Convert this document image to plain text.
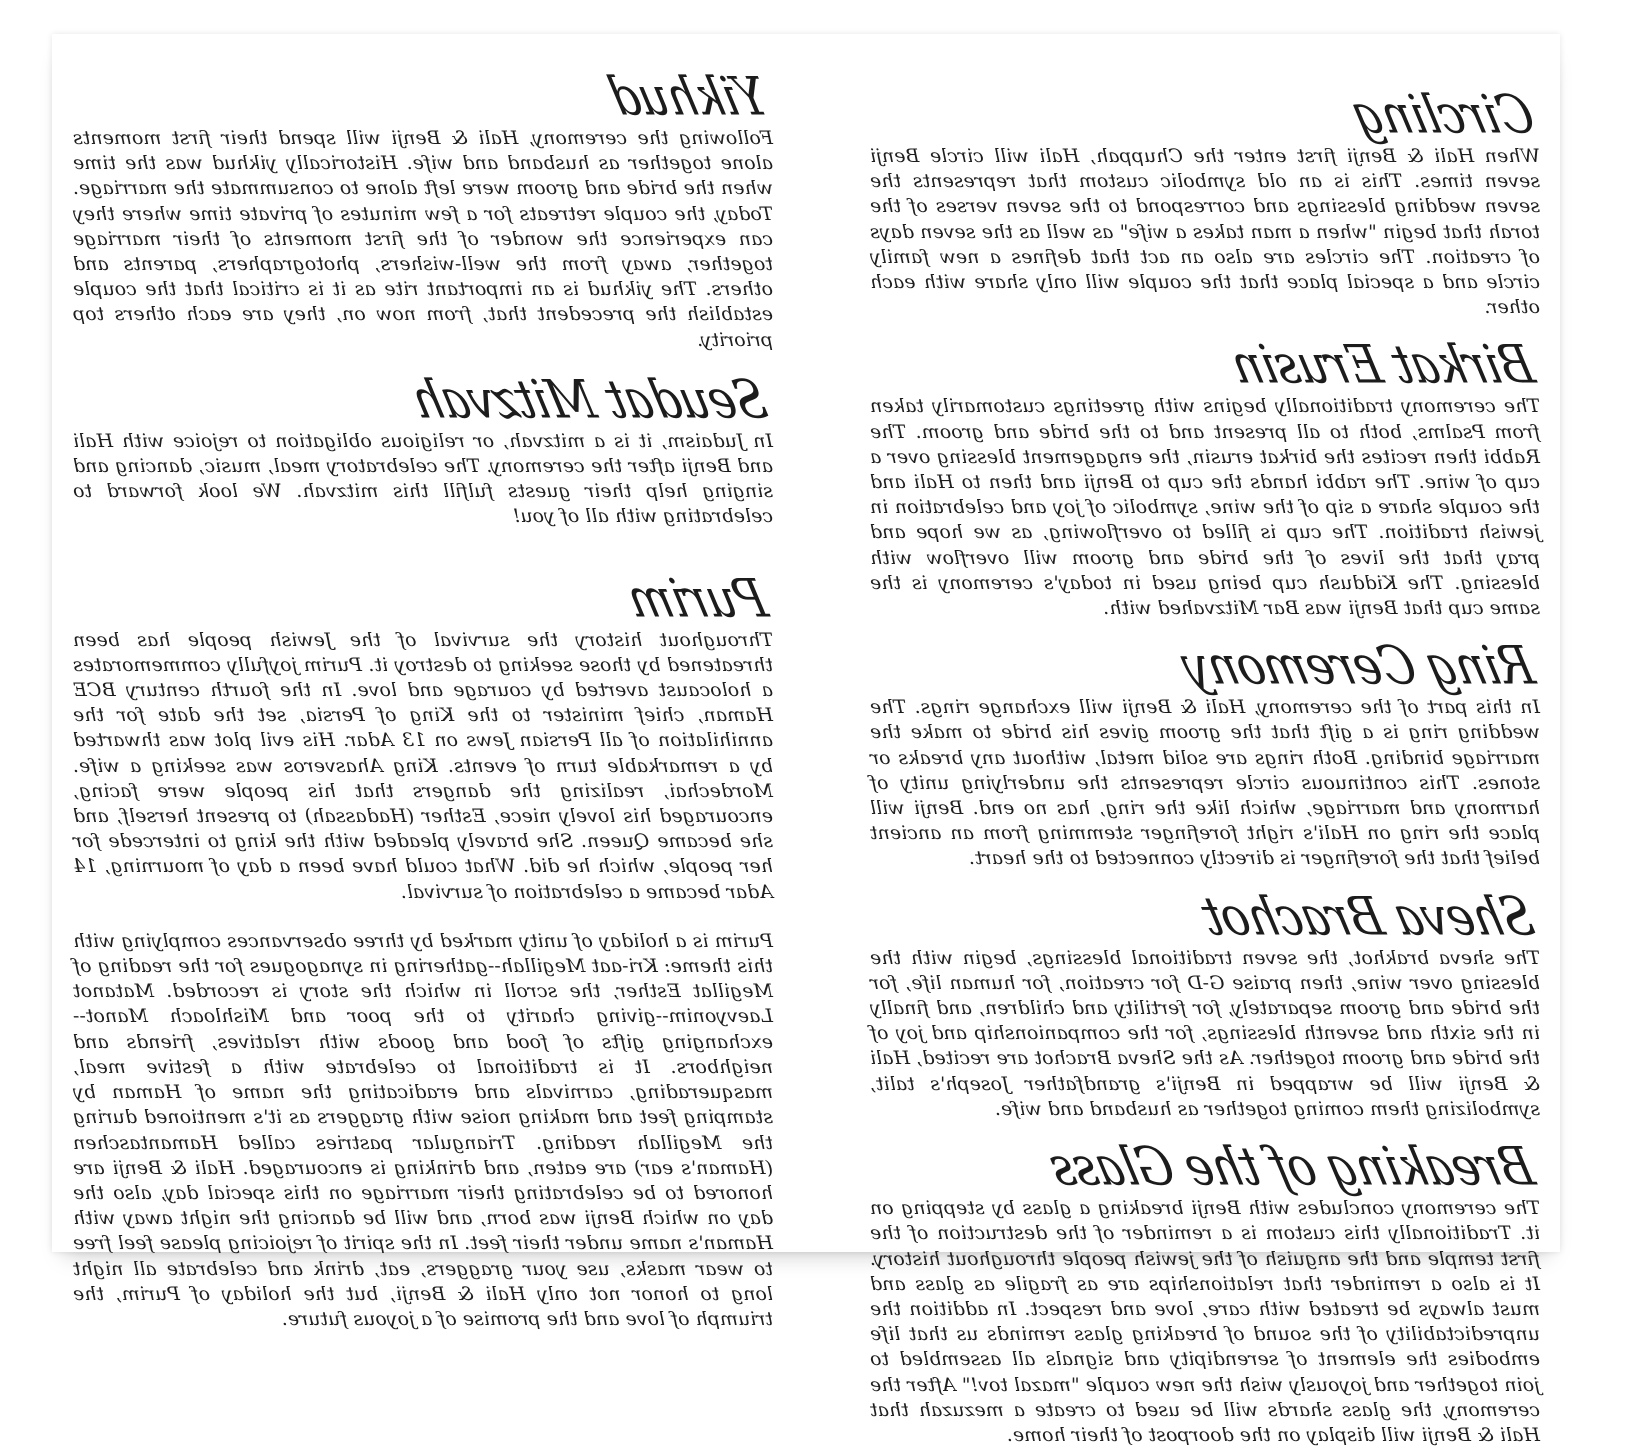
Circling

When Hali & Benji first enter the Chuppah, Hali will circle Benji seven times. This is an old symbolic custom that represents the seven wedding blessings and correspond to the seven verses of the torah that begin "when a man takes a wife" as well as the seven days of creation. The circles are also an act that defines a new family circle and a special place that the couple will only share with each other.

Birkat Erusin

The ceremony traditionally begins with greetings customarily taken from Psalms, both to all present and to the bride and groom. The Rabbi then recites the birkat erusin, the engagement blessing over a cup of wine. The rabbi hands the cup to Benji and then to Hali and the couple share a sip of the wine, symbolic of joy and celebration in jewish tradition. The cup is filled to overflowing, as we hope and pray that the lives of the bride and groom will overflow with blessing. The Kiddush cup being used in today's ceremony is the same cup that Benji was Bar Mitzvahed with.

Ring Ceremony

In this part of the ceremony, Hali & Benji will exchange rings. The wedding ring is a gift that the groom gives his bride to make the marriage binding. Both rings are solid metal, without any breaks or stones. This continuous circle represents the underlying unity of harmony and marriage, which like the ring, has no end. Benji will place the ring on Hali's right forefinger stemming from an ancient belief that the forefinger is directly connected to the heart.

Sheva Brachot

The sheva brakhot, the seven traditional blessings, begin with the blessing over wine, then praise G-D for creation, for human life, for the bride and groom separately, for fertility and children, and finally in the sixth and seventh blessings, for the companionship and joy of the bride and groom together. As the Sheva Brachot are recited, Hali & Benji will be wrapped in Benji's grandfather Joseph's talit, symbolizing them coming together as husband and wife.

Breaking of the Glass

The ceremony concludes with Benji breaking a glass by stepping on it. Traditionally this custom is a reminder of the destruction of the first temple and the anguish of the jewish people throughout history. It is also a reminder that relationships are as fragile as glass and must always be treated with care, love and respect. In addition the unpredictability of the sound of breaking glass reminds us that life embodies the element of serendipity and signals all assembled to join together and joyously wish the new couple "mazal tov!" After the ceremony, the glass shards will be used to create a mezuzah that Hali & Benji will display on the doorpost of their home.

Yikhud

Following the ceremony, Hali & Benji will spend their first moments alone together as husband and wife. Historically yikhud was the time when the bride and groom were left alone to consummate the marriage. Today, the couple retreats for a few minutes of private time where they can experience the wonder of the first moments of their marriage together, away from the well-wishers, photographers, parents and others. The yikhud is an important rite as it is critical that the couple establish the precedent that, from now on, they are each others top priority.

Seudat Mitzvah

In Judaism, it is a mitzvah, or religious obligation to rejoice with Hali and Benji after the ceremony. The celebratory meal, music, dancing and singing help their guests fulfill this mitzvah. We look forward to celebrating with all of you!

Purim

Throughout history the survival of the Jewish people has been threatened by those seeking to destroy it. Purim joyfully commemorates a holocaust averted by courage and love. In the fourth century BCE Haman, chief minister to the King of Persia, set the date for the annihilation of all Persian Jews on 13 Adar. His evil plot was thwarted by a remarkable turn of events. King Ahasveros was seeking a wife. Mordechai, realizing the dangers that his people were facing, encouraged his lovely niece, Esther (Hadassah) to present herself, and she became Queen. She bravely pleaded with the king to intercede for her people, which he did. What could have been a day of mourning, 14 Adar became a celebration of survival.

Purim is a holiday of unity marked by three observances complying with this theme: Kri-aat Megillah--gathering in synagogues for the reading of Megillat Esther, the scroll in which the story is recorded. Matanot Laevyonim--giving charity to the poor and Mishloach Manot--exchanging gifts of food and goods with relatives, friends and neighbors. It is traditional to celebrate with a festive meal, masquerading, carnivals and eradicating the name of Haman by stamping feet and making noise with graggers as it's mentioned during the Megillah reading. Triangular pastries called Hamantaschen (Haman's ear) are eaten, and drinking is encouraged. Hali & Benji are honored to be celebrating their marriage on this special day, also the day on which Benji was born, and will be dancing the night away with Haman's name under their feet. In the spirit of rejoicing please feel free to wear masks, use your graggers, eat, drink and celebrate all night long to honor not only Hali & Benji, but the holiday of Purim, the triumph of love and the promise of a joyous future.
